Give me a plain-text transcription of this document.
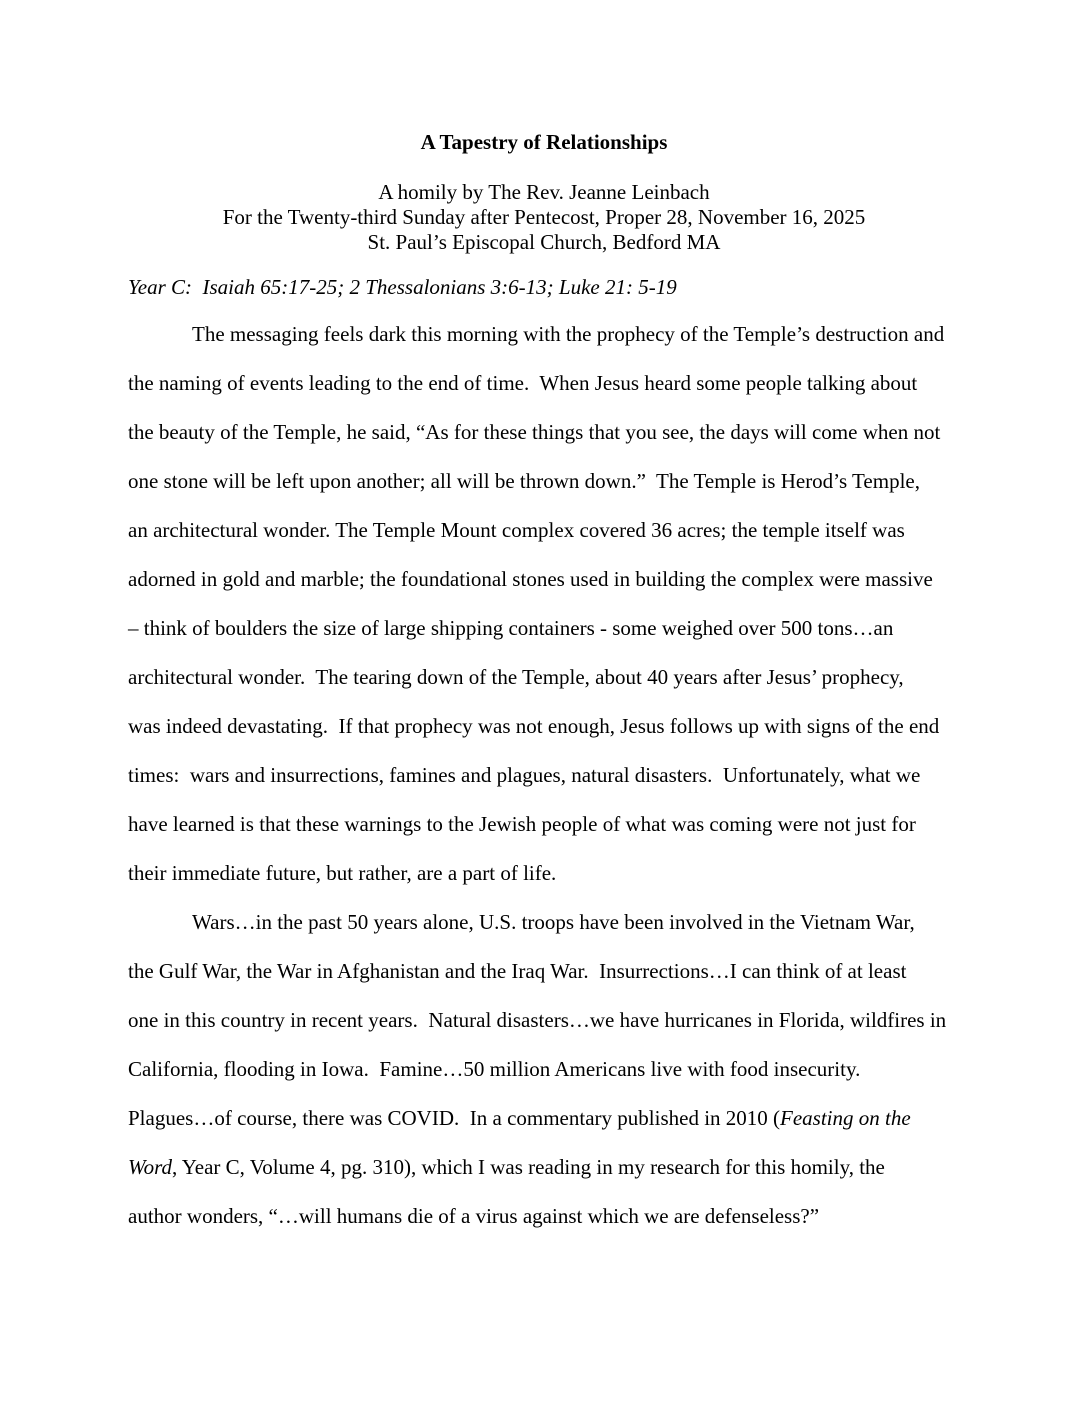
A Tapestry of Relationships
A homily by The Rev. Jeanne Leinbach
For the Twenty-third Sunday after Pentecost, Proper 28, November 16, 2025
St. Paul’s Episcopal Church, Bedford MA
Year C:  Isaiah 65:17-25; 2 Thessalonians 3:6-13; Luke 21: 5-19
The messaging feels dark this morning with the prophecy of the Temple’s destruction and
the naming of events leading to the end of time.  When Jesus heard some people talking about
the beauty of the Temple, he said, “As for these things that you see, the days will come when not
one stone will be left upon another; all will be thrown down.”  The Temple is Herod’s Temple,
an architectural wonder. The Temple Mount complex covered 36 acres; the temple itself was
adorned in gold and marble; the foundational stones used in building the complex were massive
– think of boulders the size of large shipping containers - some weighed over 500 tons…an
architectural wonder.  The tearing down of the Temple, about 40 years after Jesus’ prophecy,
was indeed devastating.  If that prophecy was not enough, Jesus follows up with signs of the end
times:  wars and insurrections, famines and plagues, natural disasters.  Unfortunately, what we
have learned is that these warnings to the Jewish people of what was coming were not just for
their immediate future, but rather, are a part of life.
Wars…in the past 50 years alone, U.S. troops have been involved in the Vietnam War,
the Gulf War, the War in Afghanistan and the Iraq War.  Insurrections…I can think of at least
one in this country in recent years.  Natural disasters…we have hurricanes in Florida, wildfires in
California, flooding in Iowa.  Famine…50 million Americans live with food insecurity.
Plagues…of course, there was COVID.  In a commentary published in 2010 (Feasting on the
Word, Year C, Volume 4, pg. 310), which I was reading in my research for this homily, the
author wonders, “…will humans die of a virus against which we are defenseless?”
